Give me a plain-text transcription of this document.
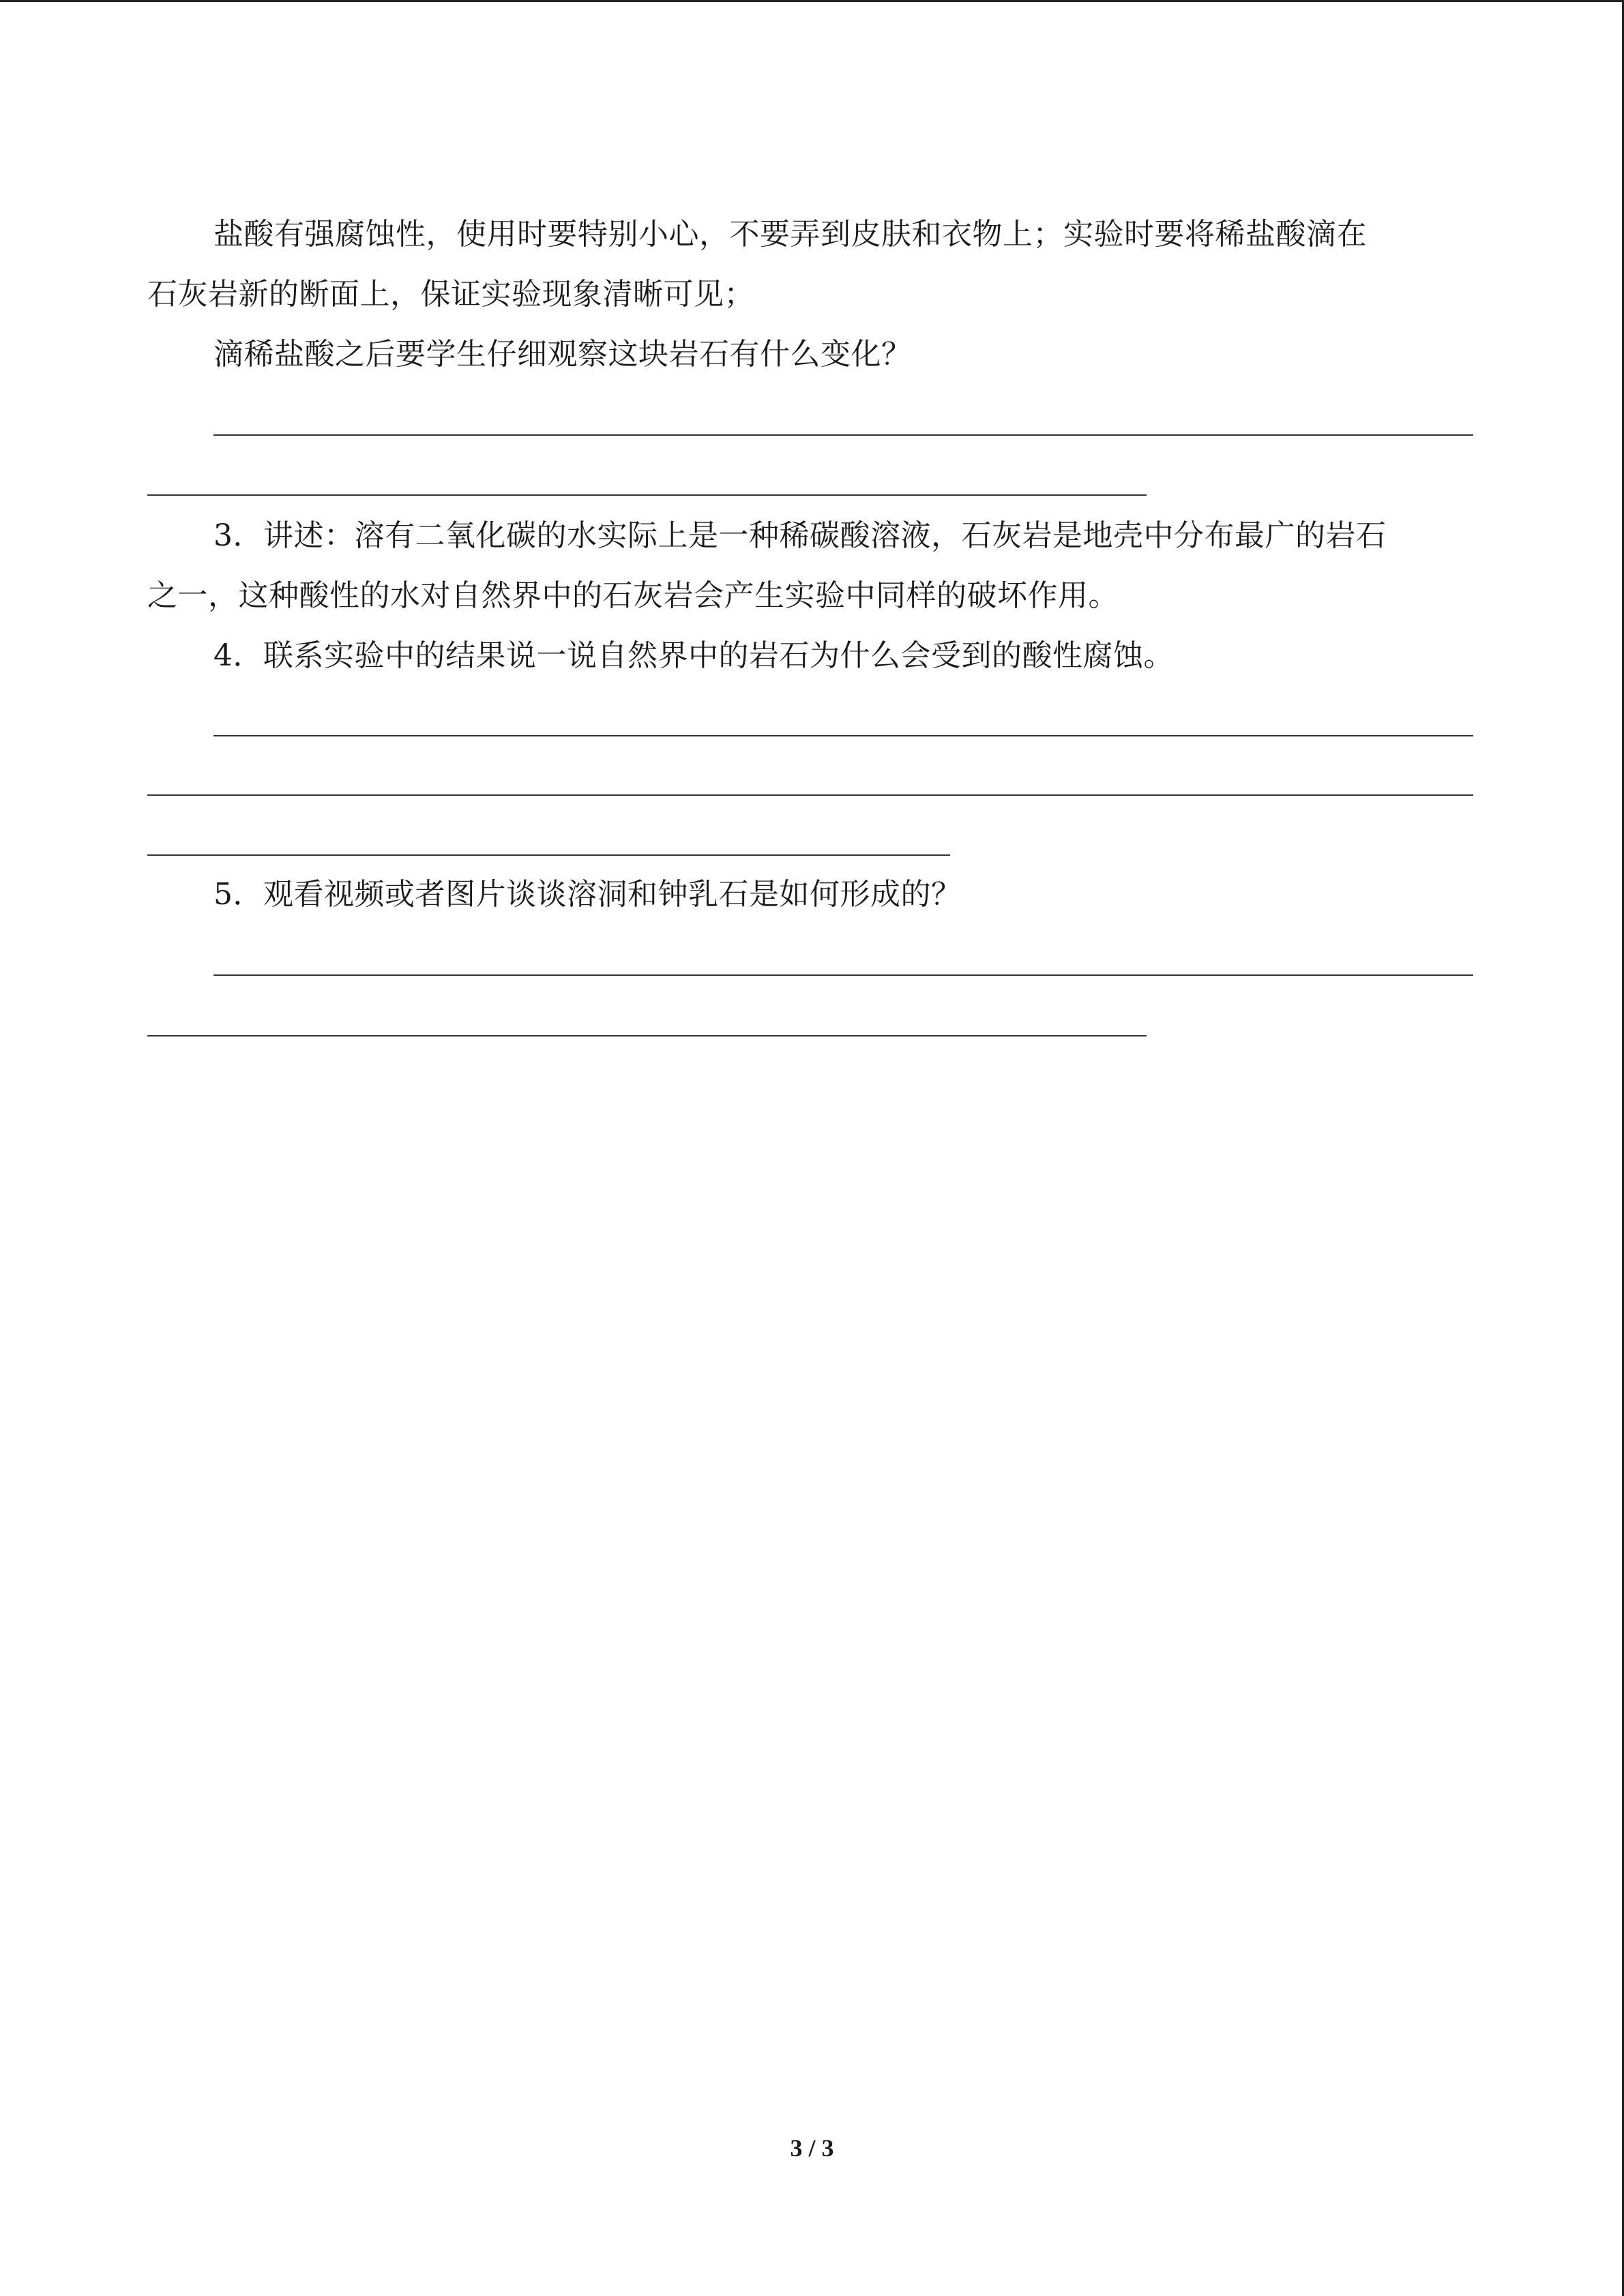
盐酸有强腐蚀性，使用时要特别小心，不要弄到皮肤和衣物上；实验时要将稀盐酸滴在
石灰岩新的断面上，保证实验现象清晰可见；
滴稀盐酸之后要学生仔细观察这块岩石有什么变化？
3．讲述：溶有二氧化碳的水实际上是一种稀碳酸溶液，石灰岩是地壳中分布最广的岩石
之一，这种酸性的水对自然界中的石灰岩会产生实验中同样的破坏作用。
4．联系实验中的结果说一说自然界中的岩石为什么会受到的酸性腐蚀。
5．观看视频或者图片谈谈溶洞和钟乳石是如何形成的？
3 / 3
